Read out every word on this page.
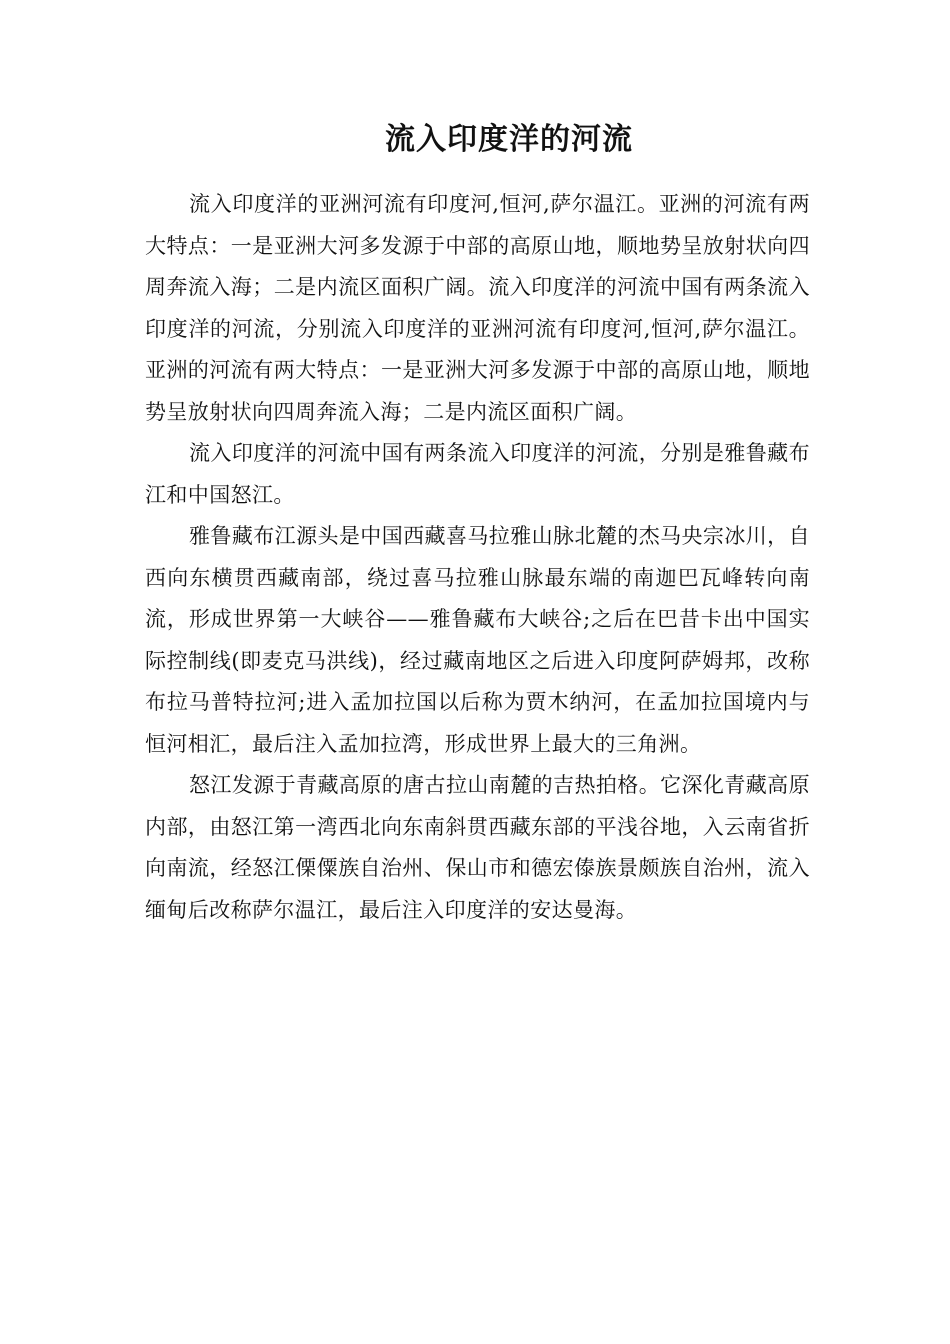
流入印度洋的河流

流入印度洋的亚洲河流有印度河,恒河,萨尔温江。亚洲的河流有两大特点：一是亚洲大河多发源于中部的高原山地，顺地势呈放射状向四周奔流入海；二是内流区面积广阔。流入印度洋的河流中国有两条流入印度洋的河流，分别流入印度洋的亚洲河流有印度河,恒河,萨尔温江。亚洲的河流有两大特点：一是亚洲大河多发源于中部的高原山地，顺地势呈放射状向四周奔流入海；二是内流区面积广阔。

流入印度洋的河流中国有两条流入印度洋的河流，分别是雅鲁藏布江和中国怒江。

雅鲁藏布江源头是中国西藏喜马拉雅山脉北麓的杰马央宗冰川，自西向东横贯西藏南部，绕过喜马拉雅山脉最东端的南迦巴瓦峰转向南流，形成世界第一大峡谷——雅鲁藏布大峡谷;之后在巴昔卡出中国实际控制线(即麦克马洪线)，经过藏南地区之后进入印度阿萨姆邦，改称布拉马普特拉河;进入孟加拉国以后称为贾木纳河，在孟加拉国境内与恒河相汇，最后注入孟加拉湾，形成世界上最大的三角洲。

怒江发源于青藏高原的唐古拉山南麓的吉热拍格。它深化青藏高原内部，由怒江第一湾西北向东南斜贯西藏东部的平浅谷地，入云南省折向南流，经怒江傈僳族自治州、保山市和德宏傣族景颇族自治州，流入缅甸后改称萨尔温江，最后注入印度洋的安达曼海。
